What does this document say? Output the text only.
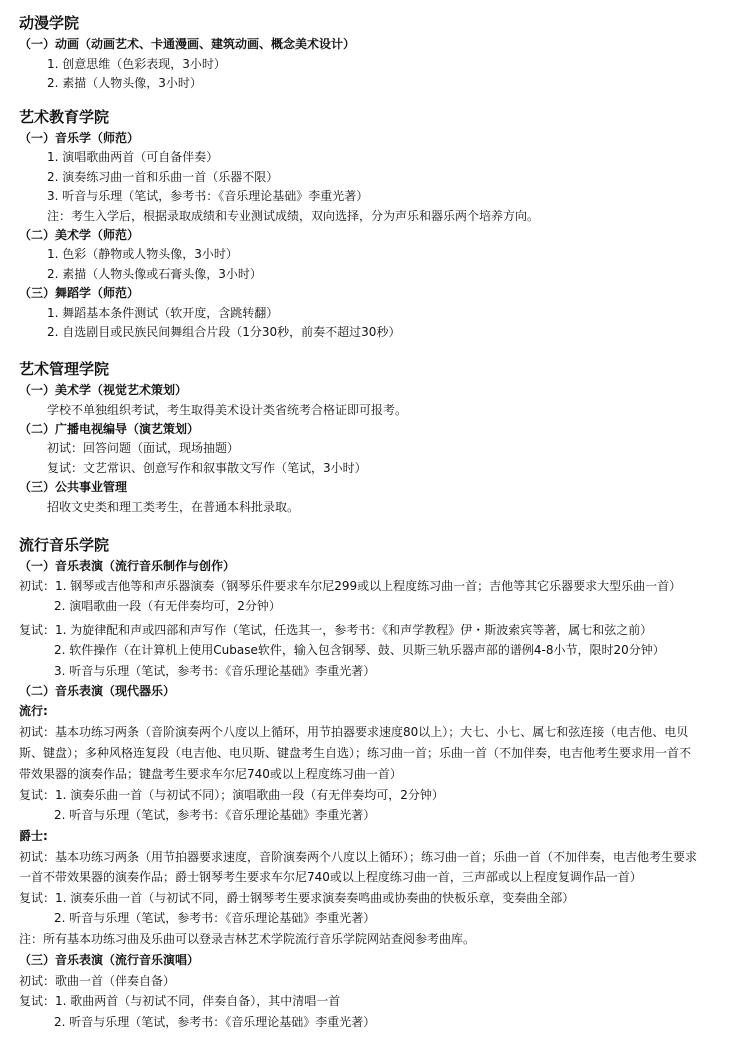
动漫学院
（一）动画（动画艺术、卡通漫画、建筑动画、概念美术设计）
1. 创意思维（色彩表现，3小时）
2. 素描（人物头像，3小时）
艺术教育学院
（一）音乐学（师范）
1. 演唱歌曲两首（可自备伴奏）
2. 演奏练习曲一首和乐曲一首（乐器不限）
3. 听音与乐理（笔试，参考书：《音乐理论基础》李重光著）
注：考生入学后，根据录取成绩和专业测试成绩，双向选择，分为声乐和器乐两个培养方向。
（二）美术学（师范）
1. 色彩（静物或人物头像，3小时）
2. 素描（人物头像或石膏头像，3小时）
（三）舞蹈学（师范）
1. 舞蹈基本条件测试（软开度，含跳转翻）
2. 自选剧目或民族民间舞组合片段（1分30秒，前奏不超过30秒）
艺术管理学院
（一）美术学（视觉艺术策划）
学校不单独组织考试，考生取得美术设计类省统考合格证即可报考。
（二）广播电视编导（演艺策划）
初试：回答问题（面试，现场抽题）
复试：文艺常识、创意写作和叙事散文写作（笔试，3小时）
（三）公共事业管理
招收文史类和理工类考生，在普通本科批录取。
流行音乐学院
（一）音乐表演（流行音乐制作与创作）
初试：1. 钢琴或吉他等和声乐器演奏（钢琴乐件要求车尔尼299或以上程度练习曲一首；吉他等其它乐器要求大型乐曲一首）
2. 演唱歌曲一段（有无伴奏均可，2分钟）
复试：1. 为旋律配和声或四部和声写作（笔试，任选其一，参考书：《和声学教程》伊・斯波索宾等著，属七和弦之前）
2. 软件操作（在计算机上使用Cubase软件，输入包含钢琴、鼓、贝斯三轨乐器声部的谱例4-8小节，限时20分钟）
3. 听音与乐理（笔试，参考书：《音乐理论基础》李重光著）
（二）音乐表演（现代器乐）
流行:
初试：基本功练习两条（音阶演奏两个八度以上循环，用节拍器要求速度80以上）；大七、小七、属七和弦连接（电吉他、电贝
斯、键盘）；多种风格连复段（电吉他、电贝斯、键盘考生自选）；练习曲一首；乐曲一首（不加伴奏，电吉他考生要求用一首不
带效果器的演奏作品；键盘考生要求车尔尼740或以上程度练习曲一首）
复试：1. 演奏乐曲一首（与初试不同）；演唱歌曲一段（有无伴奏均可，2分钟）
2. 听音与乐理（笔试，参考书：《音乐理论基础》李重光著）
爵士:
初试：基本功练习两条（用节拍器要求速度，音阶演奏两个八度以上循环）；练习曲一首；乐曲一首（不加伴奏，电吉他考生要求
一首不带效果器的演奏作品；爵士钢琴考生要求车尔尼740或以上程度练习曲一首，三声部或以上程度复调作品一首）
复试：1. 演奏乐曲一首（与初试不同，爵士钢琴考生要求演奏奏鸣曲或协奏曲的快板乐章，变奏曲全部）
2. 听音与乐理（笔试，参考书：《音乐理论基础》李重光著）
注：所有基本功练习曲及乐曲可以登录吉林艺术学院流行音乐学院网站查阅参考曲库。
（三）音乐表演（流行音乐演唱）
初试：歌曲一首（伴奏自备）
复试：1. 歌曲两首（与初试不同，伴奏自备），其中清唱一首
2. 听音与乐理（笔试，参考书：《音乐理论基础》李重光著）
